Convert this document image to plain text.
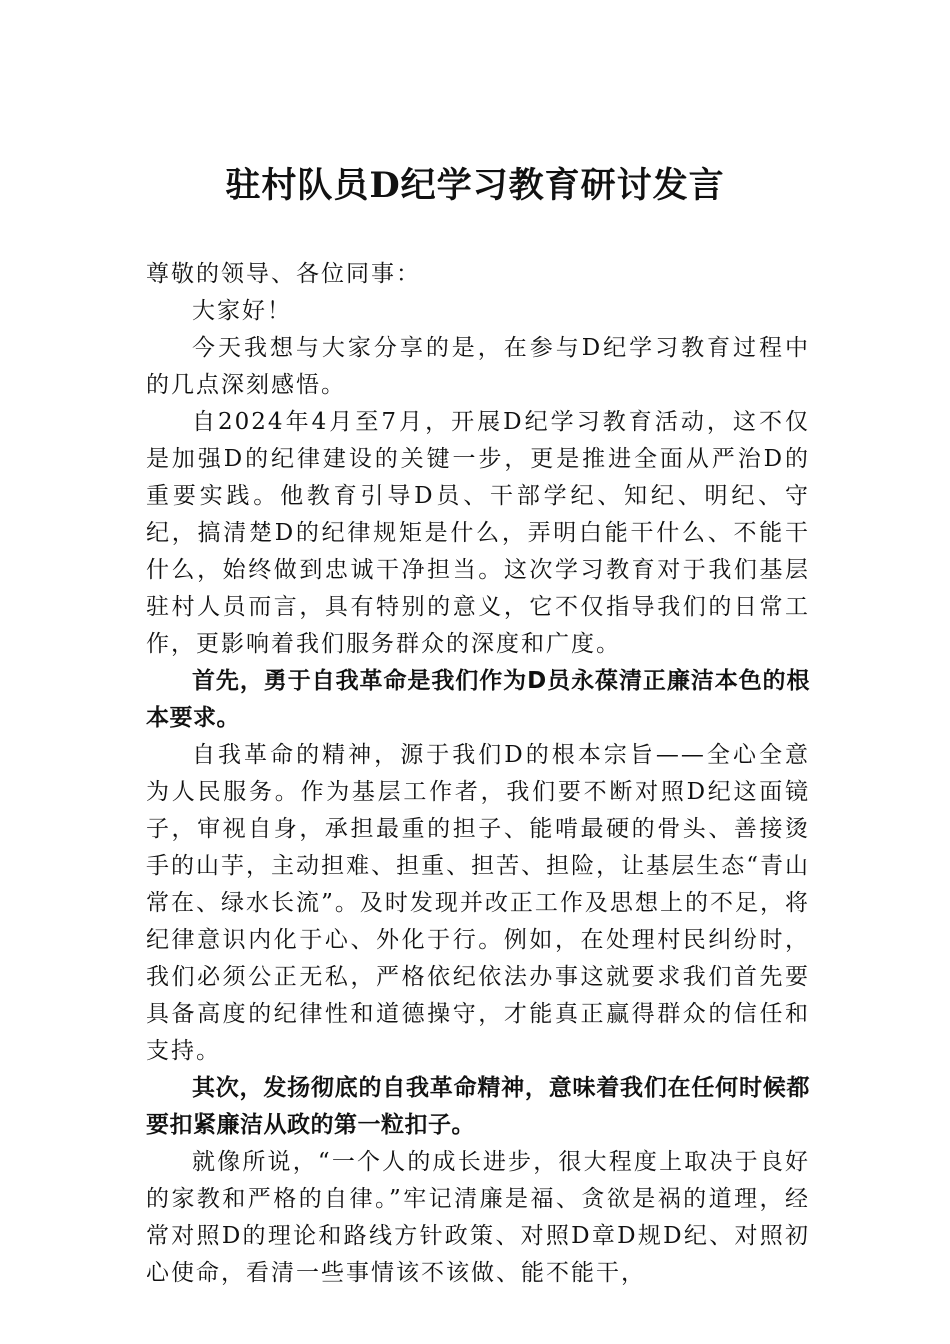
驻村队员D纪学习教育研讨发言

尊敬的领导、各位同事：

大家好！

今天我想与大家分享的是，在参与D纪学习教育过程中的几点深刻感悟。

自2024年4月至7月，开展D纪学习教育活动，这不仅是加强D的纪律建设的关键一步，更是推进全面从严治D的重要实践。他教育引导D员、干部学纪、知纪、明纪、守纪，搞清楚D的纪律规矩是什么，弄明白能干什么、不能干什么，始终做到忠诚干净担当。这次学习教育对于我们基层驻村人员而言，具有特别的意义，它不仅指导我们的日常工作，更影响着我们服务群众的深度和广度。

首先，勇于自我革命是我们作为D员永葆清正廉洁本色的根本要求。

自我革命的精神，源于我们D的根本宗旨——全心全意为人民服务。作为基层工作者，我们要不断对照D纪这面镜子，审视自身，承担最重的担子、能啃最硬的骨头、善接烫手的山芋，主动担难、担重、担苦、担险，让基层生态“青山常在、绿水长流”。及时发现并改正工作及思想上的不足，将纪律意识内化于心、外化于行。例如，在处理村民纠纷时，我们必须公正无私，严格依纪依法办事这就要求我们首先要具备高度的纪律性和道德操守，才能真正赢得群众的信任和支持。

其次，发扬彻底的自我革命精神，意味着我们在任何时候都要扣紧廉洁从政的第一粒扣子。

就像所说，“一个人的成长进步，很大程度上取决于良好的家教和严格的自律。”牢记清廉是福、贪欲是祸的道理，经常对照D的理论和路线方针政策、对照D章D规D纪、对照初心使命，看清一些事情该不该做、能不能干，
